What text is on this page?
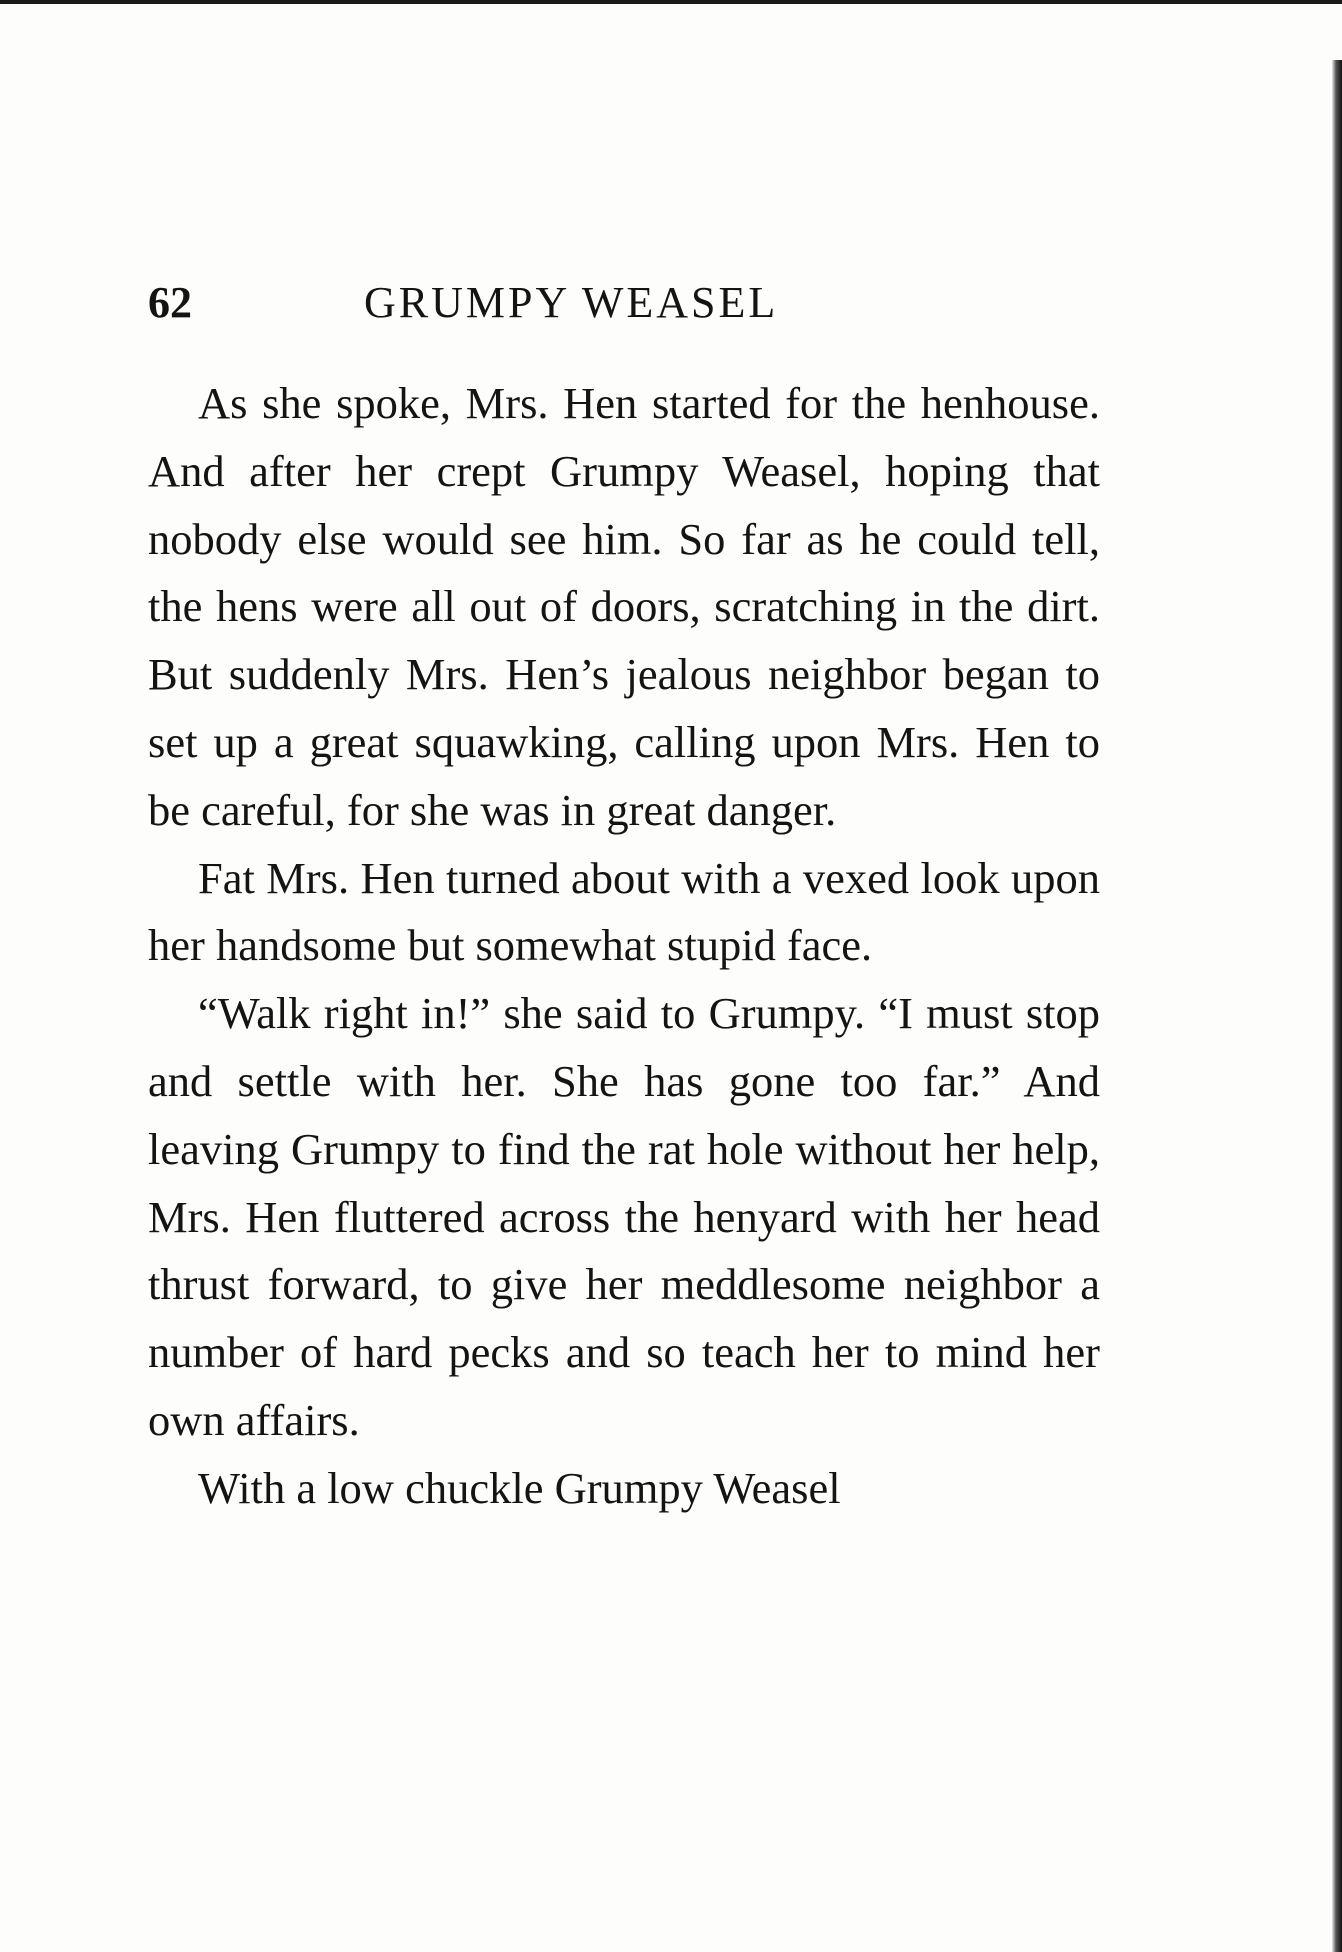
62	GRUMPY WEASEL

As she spoke, Mrs. Hen started for the henhouse. And after her crept Grumpy Weasel, hoping that nobody else would see him. So far as he could tell, the hens were all out of doors, scratching in the dirt. But suddenly Mrs. Hen’s jealous neighbor began to set up a great squawking, calling upon Mrs. Hen to be careful, for she was in great danger.

Fat Mrs. Hen turned about with a vexed look upon her handsome but somewhat stupid face.

“Walk right in!” she said to Grumpy. “I must stop and settle with her. She has gone too far.” And leaving Grumpy to find the rat hole without her help, Mrs. Hen fluttered across the henyard with her head thrust forward, to give her meddlesome neighbor a number of hard pecks and so teach her to mind her own affairs.

With a low chuckle Grumpy Weasel
